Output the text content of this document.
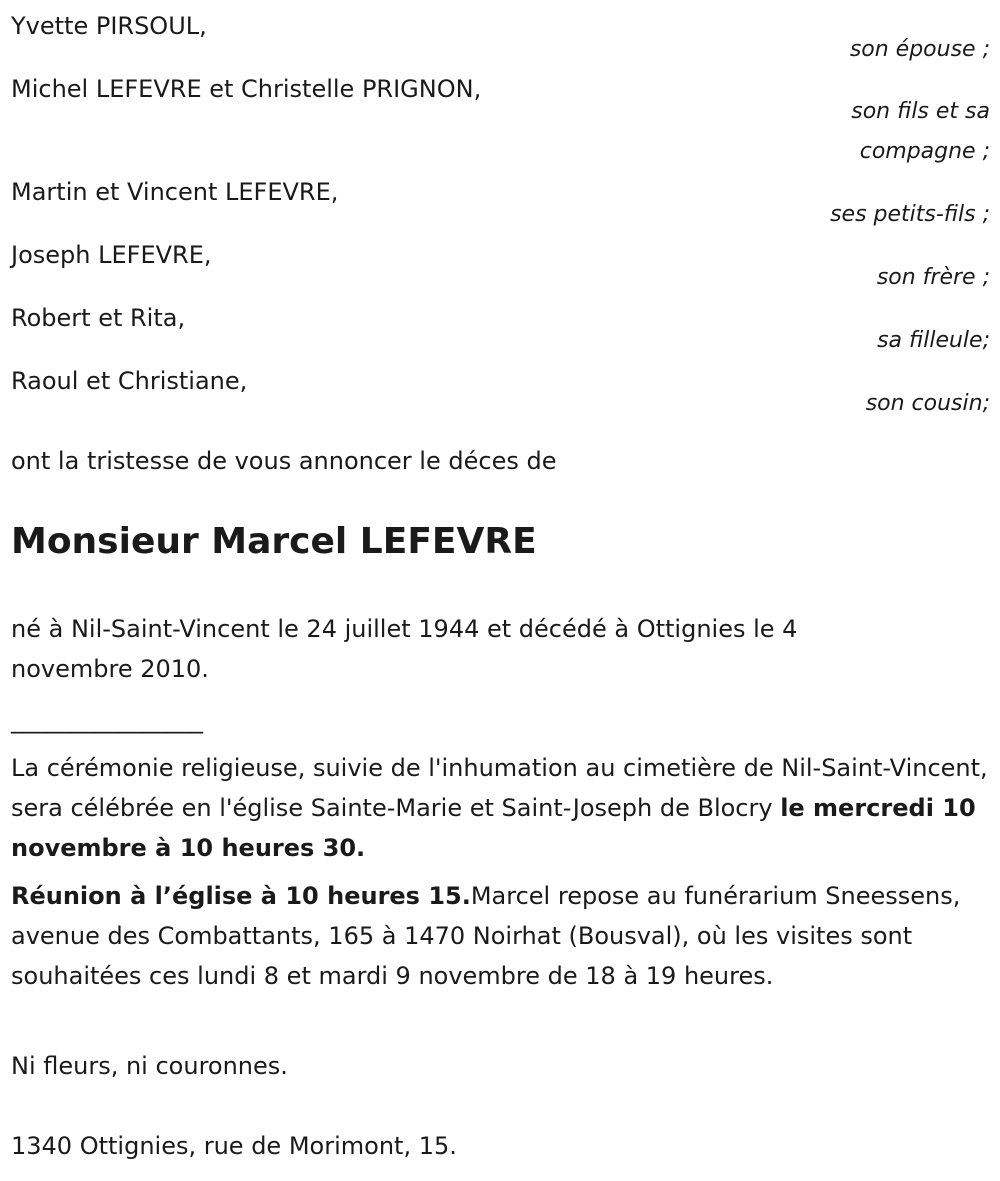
Yvette PIRSOUL,
son épouse ;
Michel LEFEVRE et Christelle PRIGNON,
son fils et sa
compagne ;
Martin et Vincent LEFEVRE,
ses petits-fils ;
Joseph LEFEVRE,
son frère ;
Robert et Rita,
sa filleule;
Raoul et Christiane,
son cousin;
ont la tristesse de vous annoncer le déces de
Monsieur Marcel LEFEVRE
né à Nil-Saint-Vincent le 24 juillet 1944 et décédé à Ottignies le 4 novembre 2010.
________________
La cérémonie religieuse, suivie de l'inhumation au cimetière de Nil-Saint-Vincent, sera célébrée en l'église Sainte-Marie et Saint-Joseph de Blocry le mercredi 10 novembre à 10 heures 30.
Réunion à l’église à 10 heures 15.Marcel repose au funérarium Sneessens, avenue des Combattants, 165 à 1470 Noirhat (Bousval), où les visites sont souhaitées ces lundi 8 et mardi 9 novembre de 18 à 19 heures.
Ni fleurs, ni couronnes.
1340 Ottignies, rue de Morimont, 15.
